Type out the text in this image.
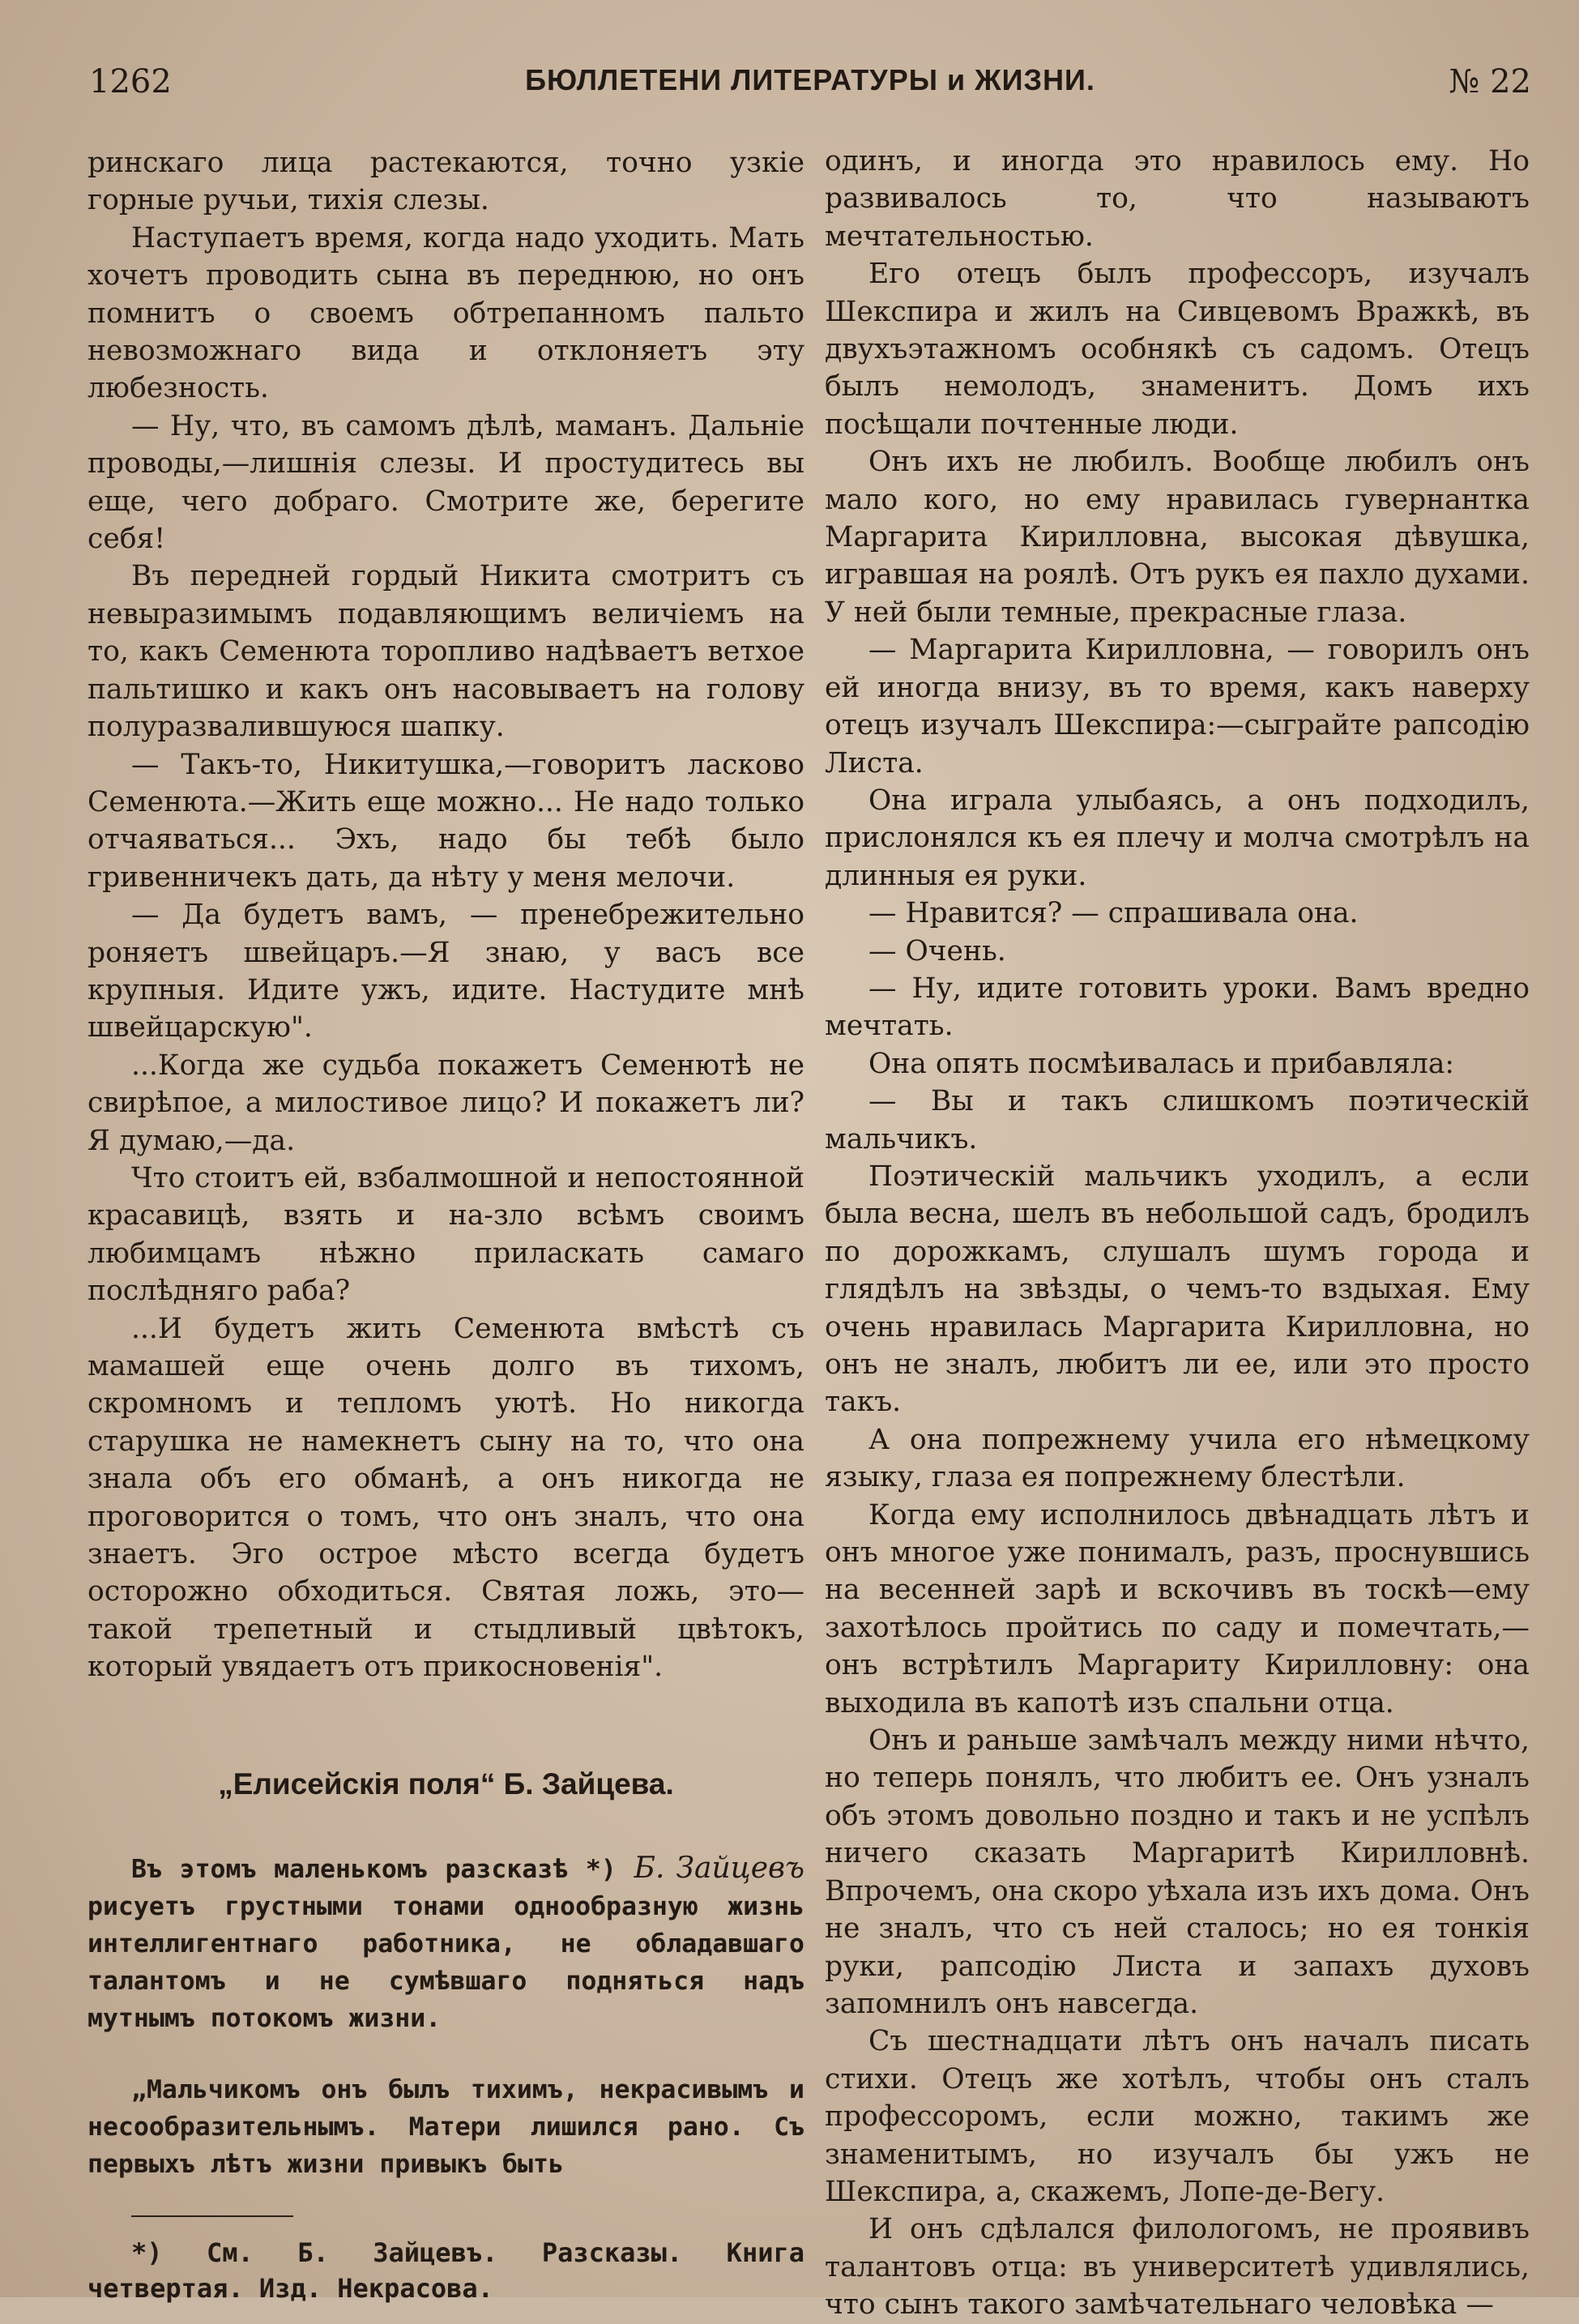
1262	БЮЛЛЕТЕНИ ЛИТЕРАТУРЫ и ЖИЗНИ.	№ 22

ринскаго лица растекаются, точно узкіе горные ручьи, тихія слезы.

Наступаетъ время, когда надо уходить. Мать хочетъ проводить сына въ переднюю, но онъ помнитъ о своемъ обтрепанномъ пальто невозможнаго вида и отклоняетъ эту любезность.

— Ну, что, въ самомъ дѣлѣ, маманъ. Дальніе проводы,—лишнія слезы. И простудитесь вы еще, чего добраго. Смотрите же, берегите себя!

Въ передней гордый Никита смотритъ съ невыразимымъ подавляющимъ величіемъ на то, какъ Семенюта торопливо надѣваетъ ветхое пальтишко и какъ онъ насовываетъ на голову полуразвалившуюся шапку.

— Такъ-то, Никитушка,—говоритъ ласково Семенюта.—Жить еще можно... Не надо только отчаяваться... Эхъ, надо бы тебѣ было гривенничекъ дать, да нѣту у меня мелочи.

— Да будетъ вамъ, — пренебрежительно роняетъ швейцаръ.—Я знаю, у васъ все крупныя. Идите ужъ, идите. Настудите мнѣ швейцарскую".

...Когда же судьба покажетъ Семенютѣ не свирѣпое, а милостивое лицо? И покажетъ ли? Я думаю,—да.

Что стоитъ ей, взбалмошной и непостоянной красавицѣ, взять и на-зло всѣмъ своимъ любимцамъ нѣжно приласкать самаго послѣдняго раба?

...И будетъ жить Семенюта вмѣстѣ съ мамашей еще очень долго въ тихомъ, скромномъ и тепломъ уютѣ. Но никогда старушка не намекнетъ сыну на то, что она знала объ его обманѣ, а онъ никогда не проговорится о томъ, что онъ зналъ, что она знаетъ. Эго острое мѣсто всегда будетъ осторожно обходиться. Святая ложь, это—такой трепетный и стыдливый цвѣтокъ, который увядаетъ отъ прикосновенія".

„Елисейскія поля“ Б. Зайцева.

Въ этомъ маленькомъ разсказѣ *) Б. Зайцевъ рисуетъ грустными тонами однообразную жизнь интеллигентнаго работника, не обладавшаго талантомъ и не сумѣвшаго подняться надъ мутнымъ потокомъ жизни.

„Мальчикомъ онъ былъ тихимъ, некрасивымъ и несообразительнымъ. Матери лишился рано. Съ первыхъ лѣтъ жизни привыкъ быть

*) См. Б. Зайцевъ. Разсказы. Книга четвертая. Изд. Некрасова.

одинъ, и иногда это нравилось ему. Но развивалось то, что называютъ мечтательностью.

Его отецъ былъ профессоръ, изучалъ Шекспира и жилъ на Сивцевомъ Вражкѣ, въ двухъэтажномъ особнякѣ съ садомъ. Отецъ былъ немолодъ, знаменитъ. Домъ ихъ посѣщали почтенные люди.

Онъ ихъ не любилъ. Вообще любилъ онъ мало кого, но ему нравилась гувернантка Маргарита Кирилловна, высокая дѣвушка, игравшая на роялѣ. Отъ рукъ ея пахло духами. У ней были темные, прекрасные глаза.

— Маргарита Кирилловна, — говорилъ онъ ей иногда внизу, въ то время, какъ наверху отецъ изучалъ Шекспира:—сыграйте рапсодію Листа.

Она играла улыбаясь, а онъ подходилъ, прислонялся къ ея плечу и молча смотрѣлъ на длинныя ея руки.

— Нравится? — спрашивала она.

— Очень.

— Ну, идите готовить уроки. Вамъ вредно мечтать.

Она опять посмѣивалась и прибавляла:

— Вы и такъ слишкомъ поэтическій мальчикъ.

Поэтическій мальчикъ уходилъ, а если была весна, шелъ въ небольшой садъ, бродилъ по дорожкамъ, слушалъ шумъ города и глядѣлъ на звѣзды, о чемъ-то вздыхая. Ему очень нравилась Маргарита Кирилловна, но онъ не зналъ, любитъ ли ее, или это просто такъ.

А она попрежнему учила его нѣмецкому языку, глаза ея попрежнему блестѣли.

Когда ему исполнилось двѣнадцать лѣтъ и онъ многое уже понималъ, разъ, проснувшись на весенней зарѣ и вскочивъ въ тоскѣ—ему захотѣлось пройтись по саду и помечтать,— онъ встрѣтилъ Маргариту Кирилловну: она выходила въ капотѣ изъ спальни отца.

Онъ и раньше замѣчалъ между ними нѣчто, но теперь понялъ, что любитъ ее. Онъ узналъ объ этомъ довольно поздно и такъ и не успѣлъ ничего сказать Маргаритѣ Кирилловнѣ. Впрочемъ, она скоро уѣхала изъ ихъ дома. Онъ не зналъ, что съ ней сталось; но ея тонкія руки, рапсодію Листа и запахъ духовъ запомнилъ онъ навсегда.

Съ шестнадцати лѣтъ онъ началъ писать стихи. Отецъ же хотѣлъ, чтобы онъ сталъ профессоромъ, если можно, такимъ же знаменитымъ, но изучалъ бы ужъ не Шекспира, а, скажемъ, Лопе-де-Вегу.

И онъ сдѣлался филологомъ, не проявивъ талантовъ отца: въ университетѣ удивлялись, что сынъ такого замѣчательнаго человѣка —
